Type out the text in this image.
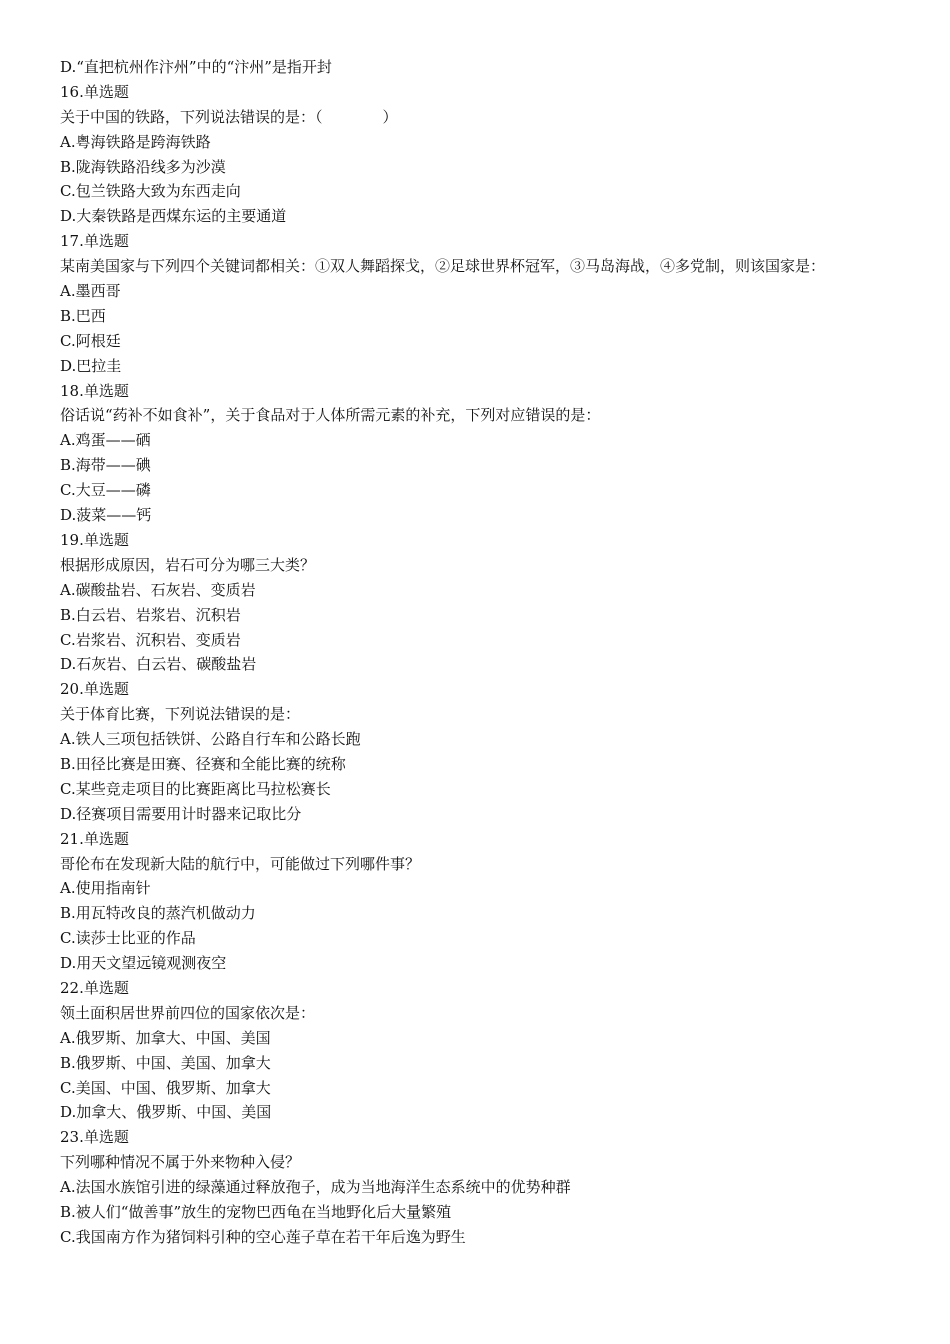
D.“直把杭州作汴州”中的“汴州”是指开封
16.单选题
关于中国的铁路，下列说法错误的是：（　　　　）
A.粤海铁路是跨海铁路
B.陇海铁路沿线多为沙漠
C.包兰铁路大致为东西走向
D.大秦铁路是西煤东运的主要通道
17.单选题
某南美国家与下列四个关键词都相关：①双人舞蹈探戈，②足球世界杯冠军，③马岛海战，④多党制，则该国家是：
A.墨西哥
B.巴西
C.阿根廷
D.巴拉圭
18.单选题
俗话说“药补不如食补”，关于食品对于人体所需元素的补充，下列对应错误的是：
A.鸡蛋——硒
B.海带——碘
C.大豆——磷
D.菠菜——钙
19.单选题
根据形成原因，岩石可分为哪三大类？
A.碳酸盐岩、石灰岩、变质岩
B.白云岩、岩浆岩、沉积岩
C.岩浆岩、沉积岩、变质岩
D.石灰岩、白云岩、碳酸盐岩
20.单选题
关于体育比赛，下列说法错误的是：
A.铁人三项包括铁饼、公路自行车和公路长跑
B.田径比赛是田赛、径赛和全能比赛的统称
C.某些竞走项目的比赛距离比马拉松赛长
D.径赛项目需要用计时器来记取比分
21.单选题
哥伦布在发现新大陆的航行中，可能做过下列哪件事？
A.使用指南针
B.用瓦特改良的蒸汽机做动力
C.读莎士比亚的作品
D.用天文望远镜观测夜空
22.单选题
领土面积居世界前四位的国家依次是：
A.俄罗斯、加拿大、中国、美国
B.俄罗斯、中国、美国、加拿大
C.美国、中国、俄罗斯、加拿大
D.加拿大、俄罗斯、中国、美国
23.单选题
下列哪种情况不属于外来物种入侵？
A.法国水族馆引进的绿藻通过释放孢子，成为当地海洋生态系统中的优势种群
B.被人们“做善事”放生的宠物巴西龟在当地野化后大量繁殖
C.我国南方作为猪饲料引种的空心莲子草在若干年后逸为野生
